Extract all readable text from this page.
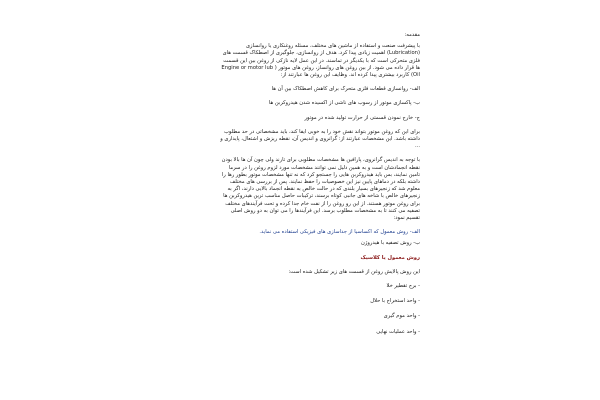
مقدمه:

با پیشرفت صنعت و استفاده از ماشین های مختلف، مسئله روغنکاری یا روانسازی (Lubrication) اهمیت زیادی پیدا کرد. هدف از روانسازی، جلوگیری از اصطکاک قسمت های فلزی متحرکی است که با یکدیگر در تماسند. در این عمل لایه نازکی از روغن بین این قسمت ها قرار داده می شود. از بین روغن های روانساز، روغن های موتور ( Engine or motor lub Oil) کاربرد بیشتری پیدا کرده اند. وظایف این روغن ها عبارتند از:

الف- روانسازی قطعات فلزی متحرک برای کاهش اصطکاک بین آن ها

ب- پاکسازی موتور از رسوب های ناشی از اکسیده شدن هیدروکربن ها

ج- خارج نمودن قسمتی از حرارت تولید شده در موتور

برای این که روغن موتور بتواند نقش خود را به خوبی ایفا کند، باید مشخصاتی در حد مطلوب داشته باشد. این مشخصات عبارتند از: گرانروی و اندیس آن، نقطه ریزش و اشتعال، پایداری و ...

با توجه به اندیس گرانروی، پارافین ها مشخصات مطلوبی برای تارند ولی چون آن ها بالا بودن نقطه انجمادشان است و به همین دلیل نمی توانند مشخصات مورد لزوم روغن را در سرما تامین نمایند، بس باید هیدروکربن هایی را جستجو کرد که نه تنها مشخصات موتور بطور رها را داشته بلکه در دماهای پایین نیز این خصوصیات را حفظ نمایند. پس از بررسی های مختلف معلوم شد که زنجیرهای بسیار بلندی که در حالت خالص به نقطه انجماد بالایی دارند، اگر به زنجیرهای خالص با شاخه های جانبی کوتاه برسند، ترکیبات حاصل مناسب ترین هیدروکربن ها برای روغن موتور هستند. از این رو روغن را از نفت خام جدا کرده و تحت فرآیندهای مختلف تصفیه می کنند تا به مشخصات مطلوب برسد. این فرآیندها را می توان به دو روش اصلی تقسیم نمود:

الف- روش معمول که اکساسیا از جداسازی های فیزیکی استفاده می نماید.

ب- روش تصفیه با هیدروژن

روش معمول یا کلاسیک

این روش پالایش روغن از قسمت های زیر تشکیل شده است:

- برج تقطیر خلا

- واحد استخراج با حلال

- واحد موم گیری

- واحد عملیات نهایی
